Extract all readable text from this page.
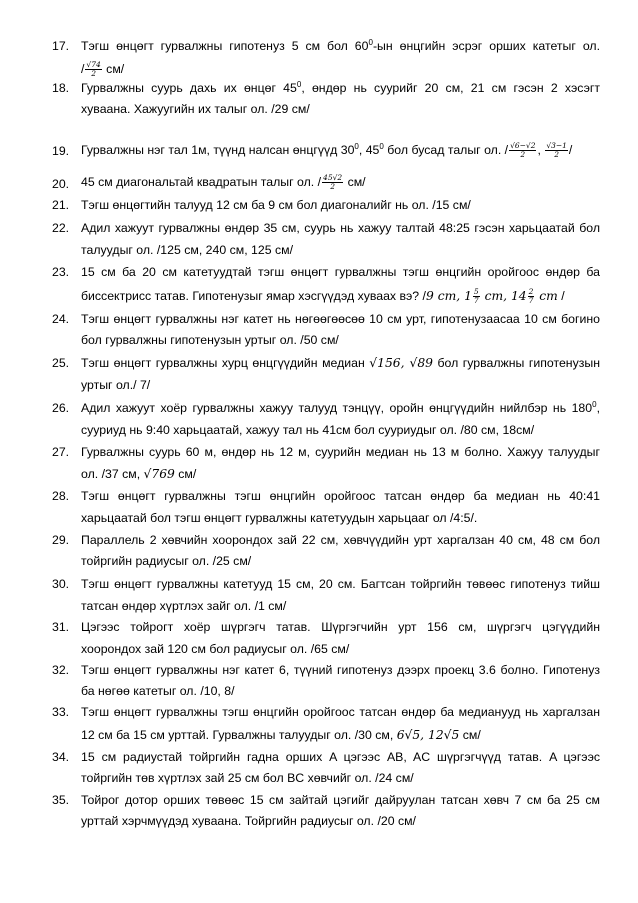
17. Тэгш өнцөгт гурвалжны гипотенуз 5 см бол $60^0-ын$ өнцгийн эсрэг орших катетыг ол.
/ $\frac{√74}{2} см/$
18. Гурвалжны суурь дахь их өнцөг $45^0$, өндөр нь суурийг 20 см, 21 см гэсэн 2 хэсэгт
хуваана. Хажуугийн их талыг ол. /29 см/
19. Гурвалжны нэг тал 1м, түүнд налсан өнцгүүд $30^0$, $45^0$ бол бусад талыг ол. / $\frac{√6-√2}{2}$ , $\frac{√3-1}{2}$ /
20. 45 см диагональтай квадратын талыг ол. / $\frac{45√2}{2} см/$
21. Тэгш өнцөгтийн талууд 12 см ба 9 см бол диагоналийг нь ол. /15 см/
22. Адил хажуут гурвалжны өндөр 35 см, суурь нь хажуу талтай 48:25 гэсэн харьцаатай бол
талуудыг ол. /125 см, 240 см, 125 см/
23. 15 см ба 20 см катетуудтай тэгш өнцөгт гурвалжны тэгш өнцгийн оройгоос өндөр ба
биссектрисс татав. Гипотенузыг ямар хэсгүүдэд хуваах вэ? /9 cm, $1 \frac{5}{7}$ cm, $14 \frac{2}{7}$ cm /
24. Тэгш өнцөгт гурвалжны нэг катет нь нөгөөгөөсөө 10 см урт, гипотенузаасаа 10 см богино
бол гурвалжны гипотенузын уртыг ол. /50 см/
25. Тэгш өнцөгт гурвалжны хурц өнцгүүдийн медиан √156, √89 бол гурвалжны гипотенузын
уртыг ол./ 7/
26. Адил хажуут хоёр гурвалжны хажуу талууд тэнцүү, оройн өнцгүүдийн нийлбэр нь $180^0$,
сууриуд нь 9:40 харьцаатай, хажуу тал нь 41см бол сууриудыг ол. /80 см, 18см/
27. Гурвалжны суурь 60 м, өндөр нь 12 м, суурийн медиан нь 13 м болно. Хажуу талуудыг
ол. /37 см, √769 см/
28. Тэгш өнцөгт гурвалжны тэгш өнцгийн оройгоос татсан өндөр ба медиан нь 40:41
харьцаатай бол тэгш өнцөгт гурвалжны катетуудын харьцааг ол /4:5/.
29. Параллель 2 хөвчийн хоорондох зай 22 см, хөвчүүдийн урт харгалзан 40 см, 48 см бол
тойргийн радиусыг ол. /25 см/
30. Тэгш өнцөгт гурвалжны катетууд 15 см, 20 см. Багтсан тойргийн төвөөс гипотенуз тийш
татсан өндөр хүртлэх зайг ол. /1 см/
31. Цэгээс тойрогт хоёр шүргэгч татав. Шүргэгчийн урт 156 см, шүргэгч цэгүүдийн
хоорондох зай 120 см бол радиусыг ол. /65 см/
32. Тэгш өнцөгт гурвалжны нэг катет 6, түүний гипотенуз дээрх проекц 3.6 болно. Гипотенуз
ба нөгөө катетыг ол. /10, 8/
33. Тэгш өнцөгт гурвалжны тэгш өнцгийн оройгоос татсан өндөр ба медианууд нь харгалзан
12 см ба 15 см урттай. Гурвалжны талуудыг ол. /30 см, 6√5, 12√5 см/
34. 15 см радиустай тойргийн гадна орших A цэгээс AB, AC шүргэгчүүд татав. A цэгээс
тойргийн төв хүртлэх зай 25 см бол BC хөвчийг ол. /24 см/
35. Тойрог дотор орших төвөөс 15 см зайтай цэгийг дайруулан татсан хөвч 7 см ба 25 см
урттай хэрчмүүдэд хуваана. Тойргийн радиусыг ол. /20 см/
